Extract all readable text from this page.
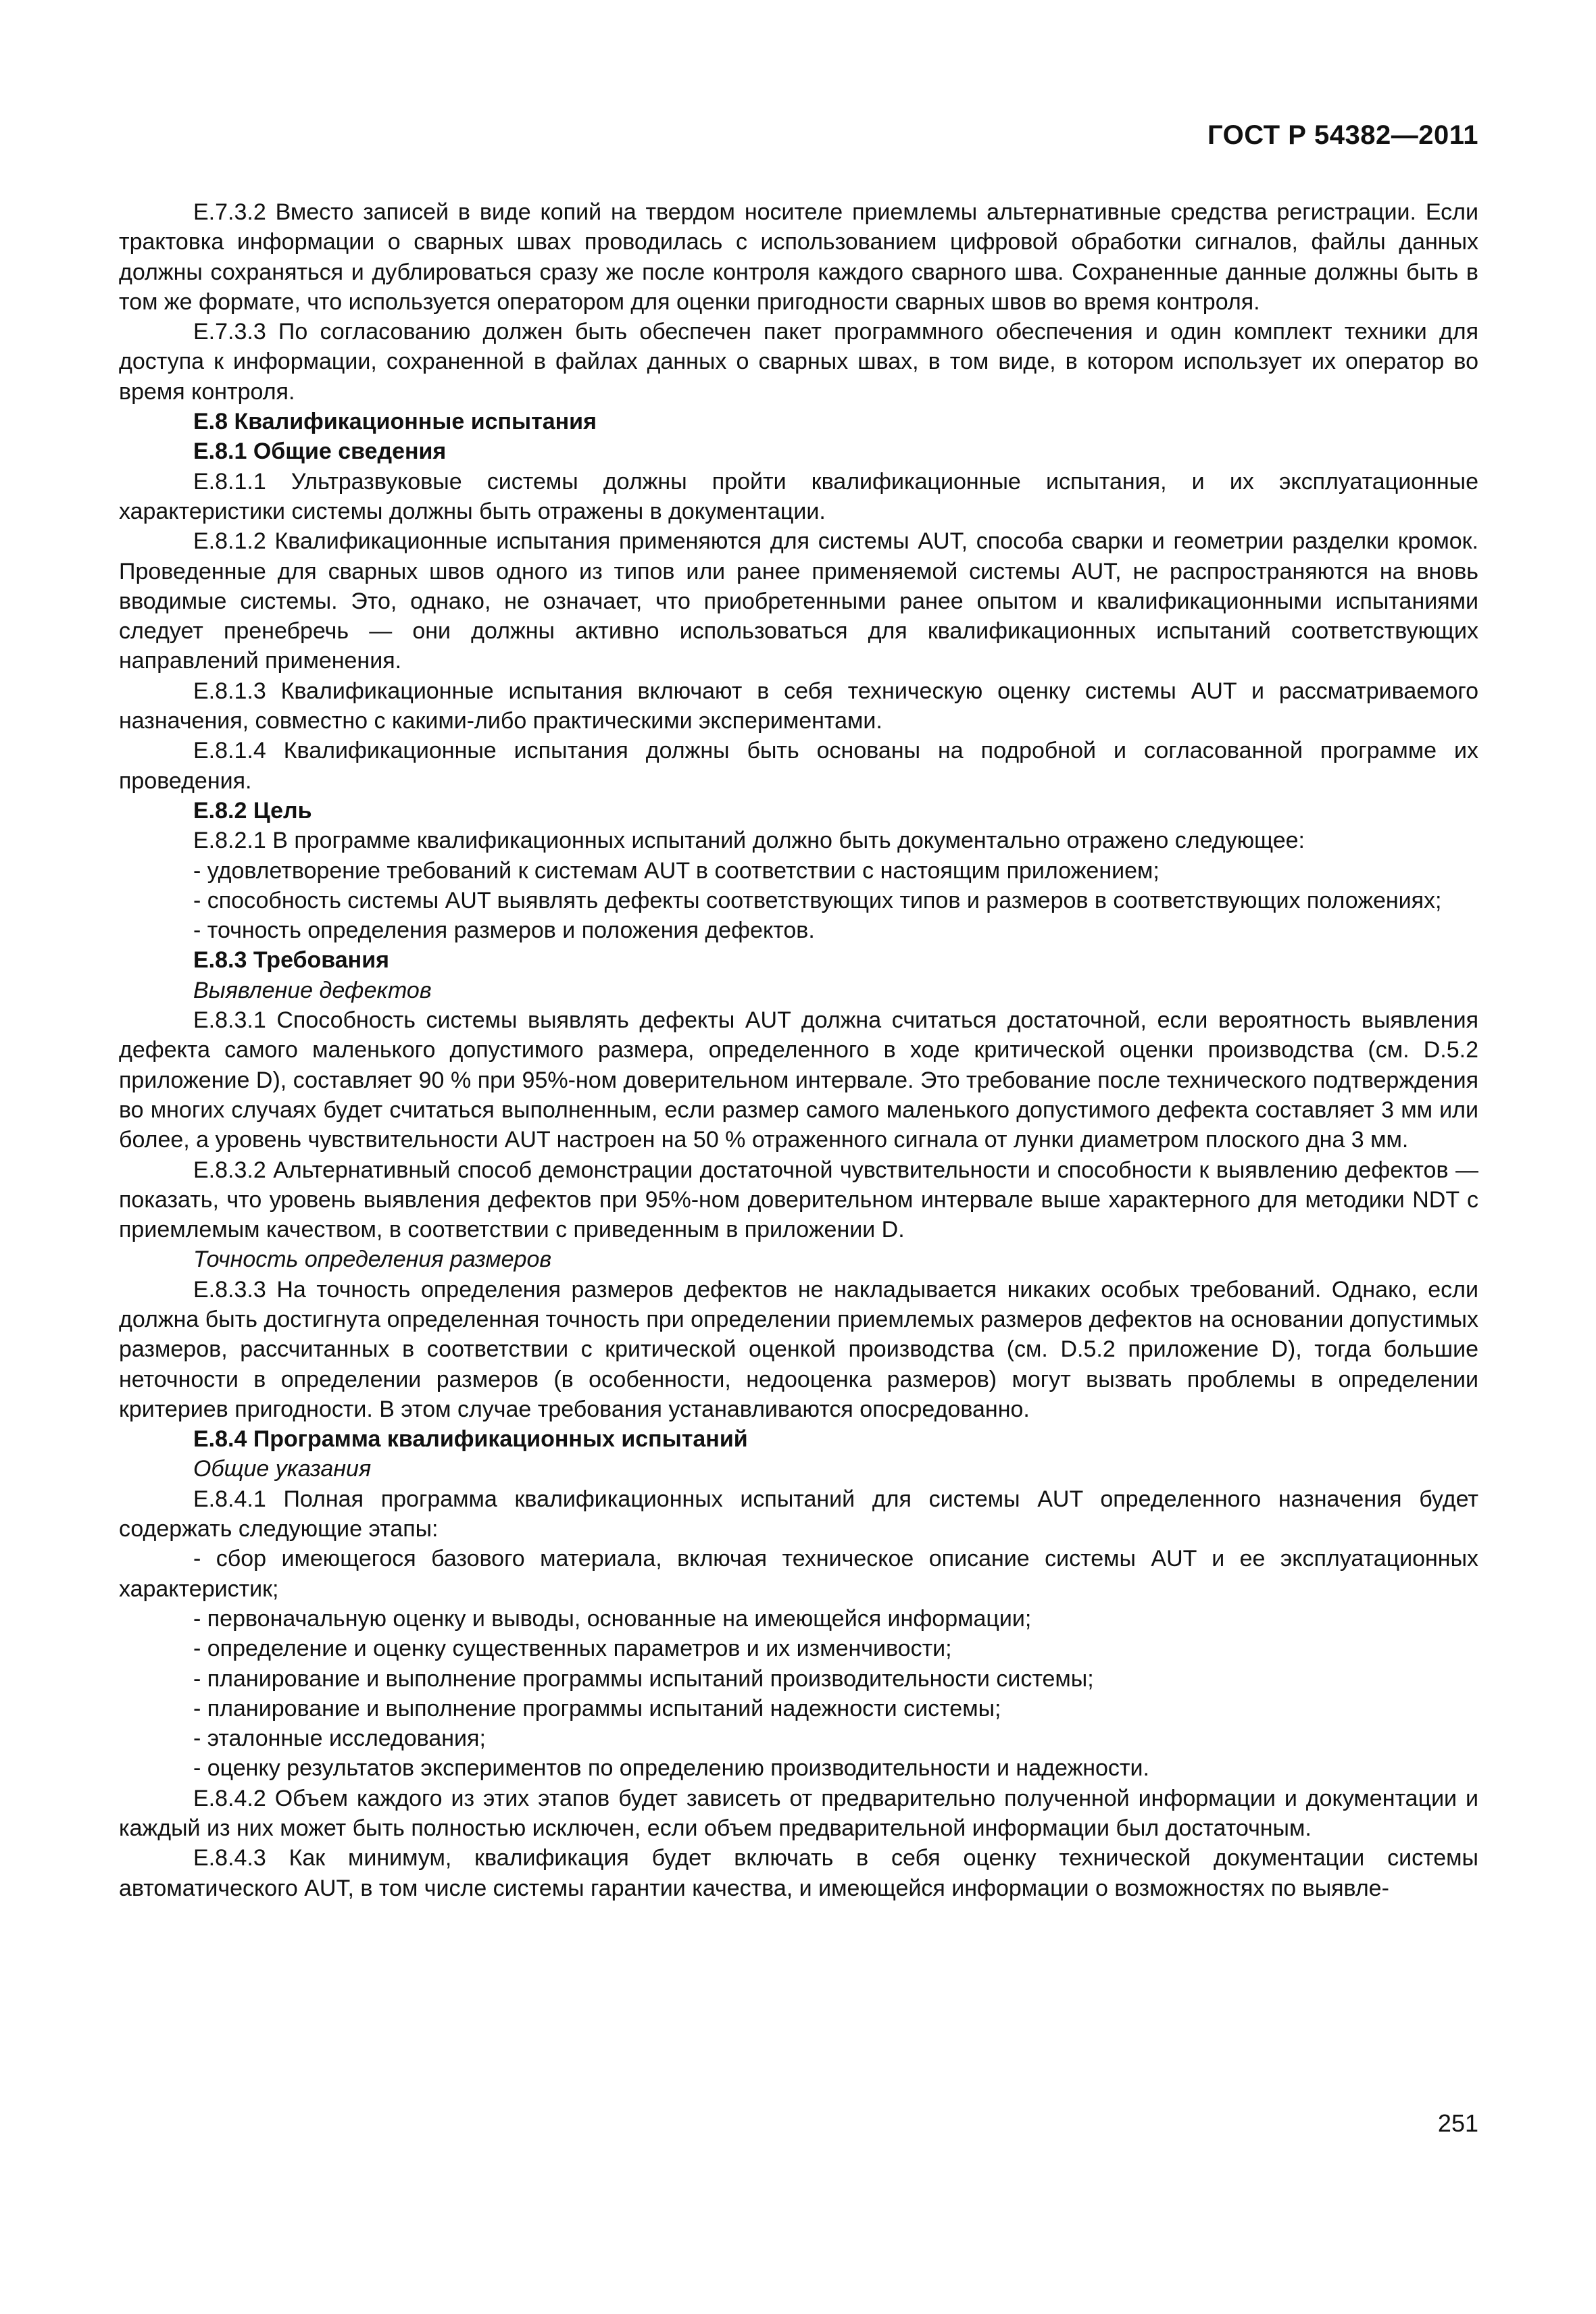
ГОСТ Р 54382—2011

Е.7.3.2 Вместо записей в виде копий на твердом носителе приемлемы альтернативные средства регистрации. Если трактовка информации о сварных швах проводилась с использованием цифровой обработки сигналов, файлы данных должны сохраняться и дублироваться сразу же после контроля каждого сварного шва. Сохраненные данные должны быть в том же формате, что используется оператором для оценки пригодности сварных швов во время контроля.

Е.7.3.3 По согласованию должен быть обеспечен пакет программного обеспечения и один комплект техники для доступа к информации, сохраненной в файлах данных о сварных швах, в том виде, в котором использует их оператор во время контроля.

Е.8 Квалификационные испытания

Е.8.1 Общие сведения

Е.8.1.1 Ультразвуковые системы должны пройти квалификационные испытания, и их эксплуатационные характеристики системы должны быть отражены в документации.

Е.8.1.2 Квалификационные испытания применяются для системы AUT, способа сварки и геометрии разделки кромок. Проведенные для сварных швов одного из типов или ранее применяемой системы AUT, не распространяются на вновь вводимые системы. Это, однако, не означает, что приобретенными ранее опытом и квалификационными испытаниями следует пренебречь — они должны активно использоваться для квалификационных испытаний соответствующих направлений применения.

Е.8.1.3 Квалификационные испытания включают в себя техническую оценку системы AUT и рассматриваемого назначения, совместно с какими-либо практическими экспериментами.

Е.8.1.4 Квалификационные испытания должны быть основаны на подробной и согласованной программе их проведения.

Е.8.2 Цель

Е.8.2.1 В программе квалификационных испытаний должно быть документально отражено следующее:

- удовлетворение требований к системам AUT в соответствии с настоящим приложением;

- способность системы AUT выявлять дефекты соответствующих типов и размеров в соответствующих положениях;

- точность определения размеров и положения дефектов.

Е.8.3 Требования

Выявление дефектов

Е.8.3.1 Способность системы выявлять дефекты AUT должна считаться достаточной, если вероятность выявления дефекта самого маленького допустимого размера, определенного в ходе критической оценки производства (см. D.5.2 приложение D), составляет 90 % при 95%-ном доверительном интервале. Это требование после технического подтверждения во многих случаях будет считаться выполненным, если размер самого маленького допустимого дефекта составляет 3 мм или более, а уровень чувствительности AUT настроен на 50 % отраженного сигнала от лунки диаметром плоского дна 3 мм.

Е.8.3.2 Альтернативный способ демонстрации достаточной чувствительности и способности к выявлению дефектов — показать, что уровень выявления дефектов при 95%-ном доверительном интервале выше характерного для методики NDT с приемлемым качеством, в соответствии с приведенным в приложении D.

Точность определения размеров

Е.8.3.3 На точность определения размеров дефектов не накладывается никаких особых требований. Однако, если должна быть достигнута определенная точность при определении приемлемых размеров дефектов на основании допустимых размеров, рассчитанных в соответствии с критической оценкой производства (см. D.5.2 приложение D), тогда большие неточности в определении размеров (в особенности, недооценка размеров) могут вызвать проблемы в определении критериев пригодности. В этом случае требования устанавливаются опосредованно.

Е.8.4 Программа квалификационных испытаний

Общие указания

Е.8.4.1 Полная программа квалификационных испытаний для системы AUT определенного назначения будет содержать следующие этапы:

- сбор имеющегося базового материала, включая техническое описание системы AUT и ее эксплуатационных характеристик;

- первоначальную оценку и выводы, основанные на имеющейся информации;

- определение и оценку существенных параметров и их изменчивости;

- планирование и выполнение программы испытаний производительности системы;

- планирование и выполнение программы испытаний надежности системы;

- эталонные исследования;

- оценку результатов экспериментов по определению производительности и надежности.

Е.8.4.2 Объем каждого из этих этапов будет зависеть от предварительно полученной информации и документации и каждый из них может быть полностью исключен, если объем предварительной информации был достаточным.

Е.8.4.3 Как минимум, квалификация будет включать в себя оценку технической документации системы автоматического AUT, в том числе системы гарантии качества, и имеющейся информации о возможностях по выявле-

251
